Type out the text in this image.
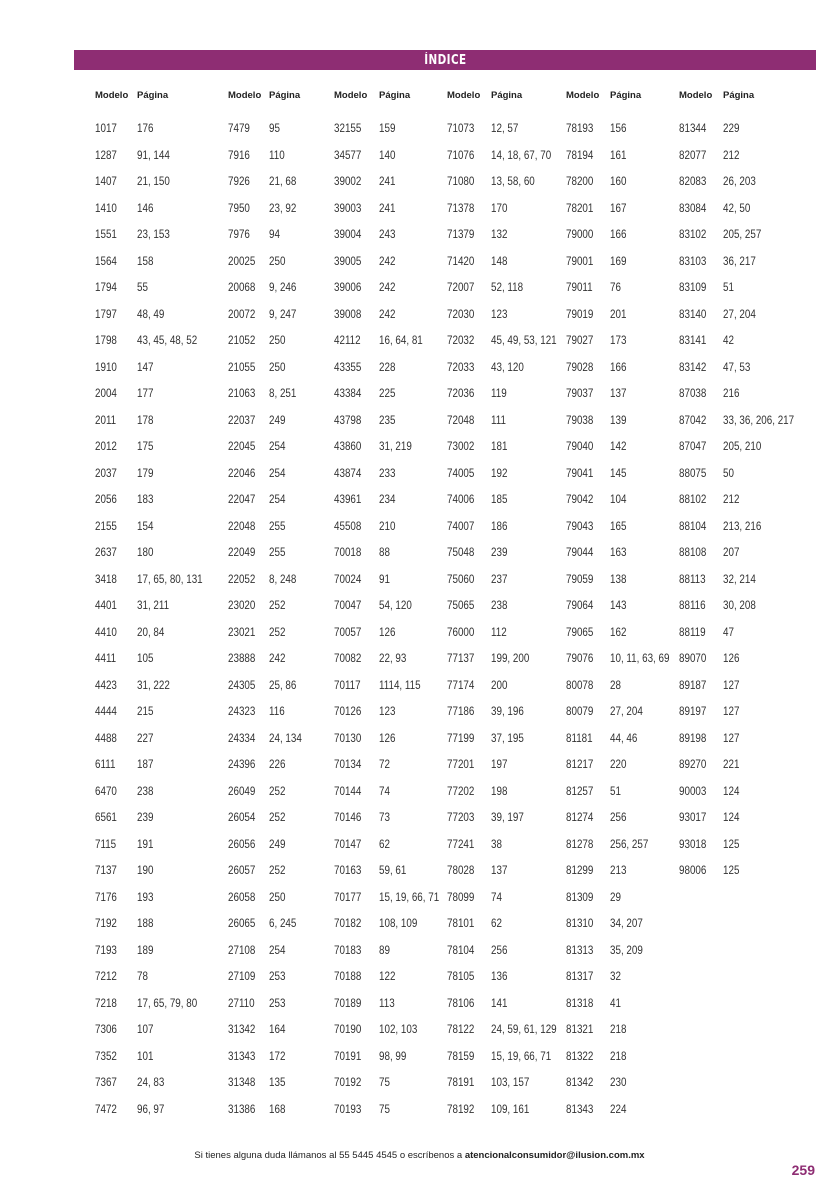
ÍNDICE
Modelo Página
1017	176
1287	91, 144
1407	21, 150
1410	146
1551	23, 153
1564	158
1794	55
1797	48, 49
1798	43, 45, 48, 52
1910	147
2004	177
2011	178
2012	175
2037	179
2056	183
2155	154
2637	180
3418	17, 65, 80, 131
4401	31, 211
4410	20, 84
4411	105
4423	31, 222
4444	215
4488	227
6111	187
6470	238
6561	239
7115	191
7137	190
7176	193
7192	188
7193	189
7212	78
7218	17, 65, 79, 80
7306	107
7352	101
7367	24, 83
7472	96, 97
Modelo Página
7479	95
7916	110
7926	21, 68
7950	23, 92
7976	94
20025	250
20068	9, 246
20072	9, 247
21052	250
21055	250
21063	8, 251
22037	249
22045	254
22046	254
22047	254
22048	255
22049	255
22052	8, 248
23020	252
23021	252
23888	242
24305	25, 86
24323	116
24334	24, 134
24396	226
26049	252
26054	252
26056	249
26057	252
26058	250
26065	6, 245
27108	254
27109	253
27110	253
31342	164
31343	172
31348	135
31386	168
Modelo	Página
32155	159
34577	140
39002	241
39003	241
39004	243
39005	242
39006	242
39008	242
42112	16, 64, 81
43355	228
43384	225
43798	235
43860	31, 219
43874	233
43961	234
45508	210
70018	88
70024	91
70047	54, 120
70057	126
70082	22, 93
70117	1114, 115
70126	123
70130	126
70134	72
70144	74
70146	73
70147	62
70163	59, 61
70177	15, 19, 66, 71
70182	108, 109
70183	89
70188	122
70189	113
70190	102, 103
70191	98, 99
70192	75
70193	75
Modelo	Página
71073	12, 57
71076	14, 18, 67, 70
71080	13, 58, 60
71378	170
71379	132
71420	148
72007	52, 118
72030	123
72032	45, 49, 53, 121
72033	43, 120
72036	119
72048	111
73002	181
74005	192
74006	185
74007	186
75048	239
75060	237
75065	238
76000	112
77137	199, 200
77174	200
77186	39, 196
77199	37, 195
77201	197
77202	198
77203	39, 197
77241	38
78028	137
78099	74
78101	62
78104	256
78105	136
78106	141
78122	24, 59, 61, 129
78159	15, 19, 66, 71
78191	103, 157
78192	109, 161
Modelo	Página
78193	156
78194	161
78200	160
78201	167
79000	166
79001	169
79011	76
79019	201
79027	173
79028	166
79037	137
79038	139
79040	142
79041	145
79042	104
79043	165
79044	163
79059	138
79064	143
79065	162
79076	10, 11, 63, 69
80078	28
80079	27, 204
81181	44, 46
81217	220
81257	51
81274	256
81278	256, 257
81299	213
81309	29
81310	34, 207
81313	35, 209
81317	32
81318	41
81321	218
81322	218
81342	230
81343	224
Modelo	Página
81344	229
82077	212
82083	26, 203
83084	42, 50
83102	205, 257
83103	36, 217
83109	51
83140	27, 204
83141	42
83142	47, 53
87038	216
87042	33, 36, 206, 217
87047	205, 210
88075	50
88102	212
88104	213, 216
88108	207
88113	32, 214
88116	30, 208
88119	47
89070	126
89187	127
89197	127
89198	127
89270	221
90003	124
93017	124
93018	125
98006	125
Si tienes alguna duda llámanos al 55 5445 4545 o escríbenos a atencionalconsumidor@ilusion.com.mx
259
